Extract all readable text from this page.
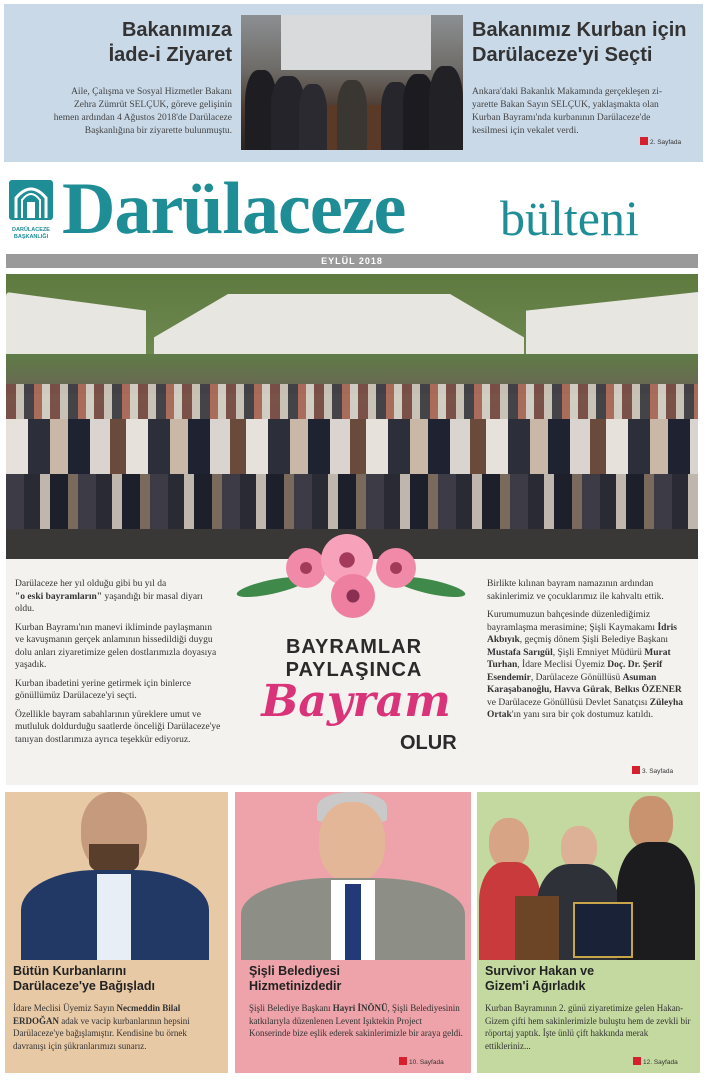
Bakanımıza
İade-i Ziyaret
Aile, Çalışma ve Sosyal Hizmetler Bakanı
Zehra Zümrüt SELÇUK, göreve gelişinin
hemen ardından 4 Ağustos 2018'de Darülaceze
Başkanlığına bir ziyarette bulunmuştu.
Bakanımız Kurban için
Darülaceze'yi Seçti
Ankara'daki Bakanlık Makamında gerçekleşen zi-
yarette Bakan Sayın SELÇUK, yaklaşmakta olan
Kurban Bayramı'nda kurbanının Darülaceze'de
kesilmesi için vekalet verdi.
2. Sayfada
DARÜLACEZE
BAŞKANLIĞI Darülaceze bülteni
EYLÜL 2018

Darülaceze her yıl olduğu gibi bu yıl da
"o eski bayramların" yaşandığı bir masal diyarı oldu.

Kurban Bayramı'nın manevi ikliminde paylaşmanın ve kavuşmanın gerçek anlamının hissedildiği duygu dolu anları ziyaretimize gelen dostlarımızla doyasıya yaşadık.

Kurban ibadetini yerine getirmek için binlerce gönüllümüz Darülaceze'yi seçti.

Özellikle bayram sabahlarının yüreklere umut ve mutluluk doldurduğu saatlerde önceliği Darülaceze'ye tanıyan dostlarımıza ayrıca teşekkür ediyoruz.

BAYRAMLAR
PAYLAŞINCA
Bayram
OLUR

Birlikte kılınan bayram namazının ardından sakinlerimiz ve çocuklarımız ile kahvaltı ettik.

Kurumumuzun bahçesinde düzenlediğimiz bayramlaşma merasimine; Şişli Kaymakamı İdris Akbıyık, geçmiş dönem Şişli Belediye Başkanı Mustafa Sarıgül, Şişli Emniyet Müdürü Murat Turhan, İdare Meclisi Üyemiz Doç. Dr. Şerif Esendemir, Darülaceze Gönüllüsü Asuman Karaşabanoğlu, Havva Gürak, Belkıs ÖZENER ve Darülaceze Gönüllüsü Devlet Sanatçısı Züleyha Ortak'ın yanı sıra bir çok dostumuz katıldı.

3. Sayfada
Bütün Kurbanlarını
Darülaceze'ye Bağışladı
İdare Meclisi Üyemiz Sayın Necmeddin Bilal ERDOĞAN adak ve vacip kurbanlarının hepsini Darülaceze'ye bağışlamıştır. Kendisine bu örnek davranışı için şükranlarımızı sunarız.
Şişli Belediyesi
Hizmetinizdedir
Şişli Belediye Başkanı Hayri İNÖNÜ, Şişli Belediyesinin katkılarıyla düzenlenen Levent Işıktekin Project Konserinde bize eşlik ederek sakinlerimizle bir araya geldi.
10. Sayfada
Survivor Hakan ve
Gizem'i Ağırladık
Kurban Bayramının 2. günü ziyaretimize gelen Hakan-Gizem çifti hem sakinlerimizle buluştu hem de zevkli bir röportaj yaptık. İşte ünlü çift hakkında merak ettikleriniz...
12. Sayfada
